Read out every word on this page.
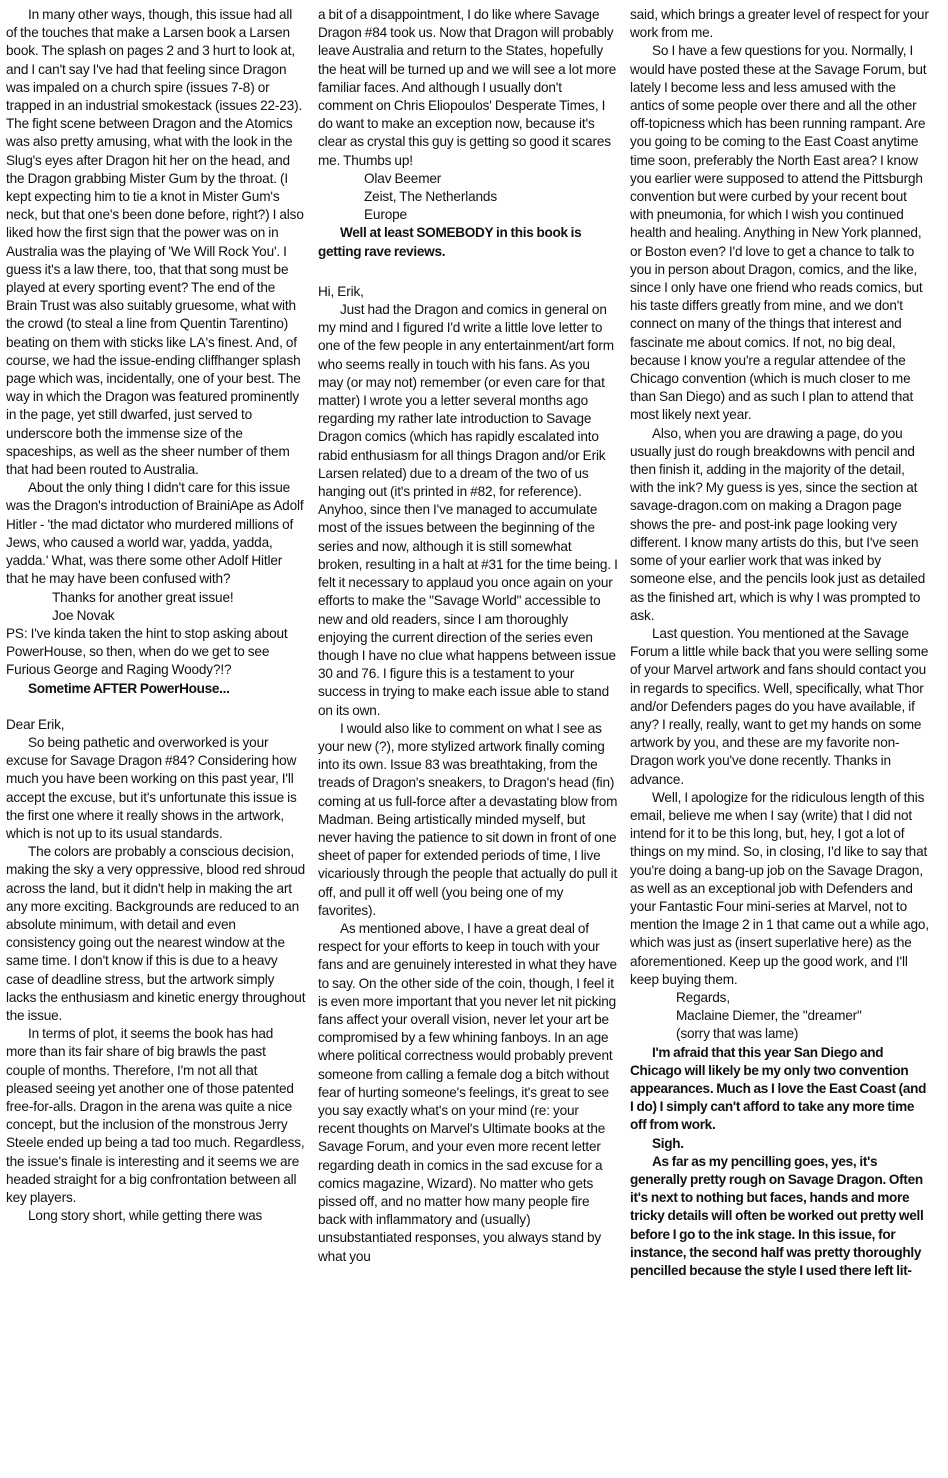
In many other ways, though, this issue had all of the touches that make a Larsen book a Larsen book. The splash on pages 2 and 3 hurt to look at, and I can't say I've had that feeling since Dragon was impaled on a church spire (issues 7-8) or trapped in an industrial smokestack (issues 22-23). The fight scene between Dragon and the Atomics was also pretty amusing, what with the look in the Slug's eyes after Dragon hit her on the head, and the Dragon grabbing Mister Gum by the throat. (I kept expecting him to tie a knot in Mister Gum's neck, but that one's been done before, right?) I also liked how the first sign that the power was on in Australia was the playing of 'We Will Rock You'. I guess it's a law there, too, that that song must be played at every sporting event? The end of the Brain Trust was also suitably gruesome, what with the crowd (to steal a line from Quentin Tarentino) beating on them with sticks like LA's finest. And, of course, we had the issue-ending cliffhanger splash page which was, incidentally, one of your best. The way in which the Dragon was featured prominently in the page, yet still dwarfed, just served to underscore both the immense size of the spaceships, as well as the sheer number of them that had been routed to Australia.

About the only thing I didn't care for this issue was the Dragon's introduction of BrainiApe as Adolf Hitler - 'the mad dictator who murdered millions of Jews, who caused a world war, yadda, yadda, yadda.' What, was there some other Adolf Hitler that he may have been confused with?

Thanks for another great issue!

Joe Novak

PS: I've kinda taken the hint to stop asking about PowerHouse, so then, when do we get to see Furious George and Raging Woody?!?

Sometime AFTER PowerHouse...

Dear Erik,

So being pathetic and overworked is your excuse for Savage Dragon #84? Considering how much you have been working on this past year, I'll accept the excuse, but it's unfortunate this issue is the first one where it really shows in the artwork, which is not up to its usual standards.

The colors are probably a conscious decision, making the sky a very oppressive, blood red shroud across the land, but it didn't help in making the art any more exciting. Backgrounds are reduced to an absolute minimum, with detail and even consistency going out the nearest window at the same time. I don't know if this is due to a heavy case of deadline stress, but the artwork simply lacks the enthusiasm and kinetic energy throughout the issue.

In terms of plot, it seems the book has had more than its fair share of big brawls the past couple of months. Therefore, I'm not all that pleased seeing yet another one of those patented free-for-alls. Dragon in the arena was quite a nice concept, but the inclusion of the monstrous Jerry Steele ended up being a tad too much. Regardless, the issue's finale is interesting and it seems we are headed straight for a big confrontation between all key players.

Long story short, while getting there was

a bit of a disappointment, I do like where Savage Dragon #84 took us. Now that Dragon will probably leave Australia and return to the States, hopefully the heat will be turned up and we will see a lot more familiar faces. And although I usually don't comment on Chris Eliopoulos' Desperate Times, I do want to make an exception now, because it's clear as crystal this guy is getting so good it scares me. Thumbs up!

Olav Beemer

Zeist, The Netherlands

Europe

Well at least SOMEBODY in this book is getting rave reviews.

Hi, Erik,

Just had the Dragon and comics in general on my mind and I figured I'd write a little love letter to one of the few people in any entertainment/art form who seems really in touch with his fans. As you may (or may not) remember (or even care for that matter) I wrote you a letter several months ago regarding my rather late introduction to Savage Dragon comics (which has rapidly escalated into rabid enthusiasm for all things Dragon and/or Erik Larsen related) due to a dream of the two of us hanging out (it's printed in #82, for reference). Anyhoo, since then I've managed to accumulate most of the issues between the beginning of the series and now, although it is still somewhat broken, resulting in a halt at #31 for the time being. I felt it necessary to applaud you once again on your efforts to make the "Savage World" accessible to new and old readers, since I am thoroughly enjoying the current direction of the series even though I have no clue what happens between issue 30 and 76. I figure this is a testament to your success in trying to make each issue able to stand on its own.

I would also like to comment on what I see as your new (?), more stylized artwork finally coming into its own. Issue 83 was breathtaking, from the treads of Dragon's sneakers, to Dragon's head (fin) coming at us full-force after a devastating blow from Madman. Being artistically minded myself, but never having the patience to sit down in front of one sheet of paper for extended periods of time, I live vicariously through the people that actually do pull it off, and pull it off well (you being one of my favorites).

As mentioned above, I have a great deal of respect for your efforts to keep in touch with your fans and are genuinely interested in what they have to say. On the other side of the coin, though, I feel it is even more important that you never let nit picking fans affect your overall vision, never let your art be compromised by a few whining fanboys. In an age where political correctness would probably prevent someone from calling a female dog a bitch without fear of hurting someone's feelings, it's great to see you say exactly what's on your mind (re: your recent thoughts on Marvel's Ultimate books at the Savage Forum, and your even more recent letter regarding death in comics in the sad excuse for a comics magazine, Wizard). No matter who gets pissed off, and no matter how many people fire back with inflammatory and (usually) unsubstantiated responses, you always stand by what you

said, which brings a greater level of respect for your work from me.

So I have a few questions for you. Normally, I would have posted these at the Savage Forum, but lately I become less and less amused with the antics of some people over there and all the other off-topicness which has been running rampant. Are you going to be coming to the East Coast anytime time soon, preferably the North East area? I know you earlier were supposed to attend the Pittsburgh convention but were curbed by your recent bout with pneumonia, for which I wish you continued health and healing. Anything in New York planned, or Boston even? I'd love to get a chance to talk to you in person about Dragon, comics, and the like, since I only have one friend who reads comics, but his taste differs greatly from mine, and we don't connect on many of the things that interest and fascinate me about comics. If not, no big deal, because I know you're a regular attendee of the Chicago convention (which is much closer to me than San Diego) and as such I plan to attend that most likely next year.

Also, when you are drawing a page, do you usually just do rough breakdowns with pencil and then finish it, adding in the majority of the detail, with the ink? My guess is yes, since the section at savage-dragon.com on making a Dragon page shows the pre- and post-ink page looking very different. I know many artists do this, but I've seen some of your earlier work that was inked by someone else, and the pencils look just as detailed as the finished art, which is why I was prompted to ask.

Last question. You mentioned at the Savage Forum a little while back that you were selling some of your Marvel artwork and fans should contact you in regards to specifics. Well, specifically, what Thor and/or Defenders pages do you have available, if any? I really, really, want to get my hands on some artwork by you, and these are my favorite non-Dragon work you've done recently. Thanks in advance.

Well, I apologize for the ridiculous length of this email, believe me when I say (write) that I did not intend for it to be this long, but, hey, I got a lot of things on my mind. So, in closing, I'd like to say that you're doing a bang-up job on the Savage Dragon, as well as an exceptional job with Defenders and your Fantastic Four mini-series at Marvel, not to mention the Image 2 in 1 that came out a while ago, which was just as (insert superlative here) as the aforementioned. Keep up the good work, and I'll keep buying them.

Regards,

Maclaine Diemer, the "dreamer"

(sorry that was lame)

I'm afraid that this year San Diego and Chicago will likely be my only two convention appearances. Much as I love the East Coast (and I do) I simply can't afford to take any more time off from work.

Sigh.

As far as my pencilling goes, yes, it's generally pretty rough on Savage Dragon. Often it's next to nothing but faces, hands and more tricky details will often be worked out pretty well before I go to the ink stage. In this issue, for instance, the second half was pretty thoroughly pencilled because the style I used there left lit-
